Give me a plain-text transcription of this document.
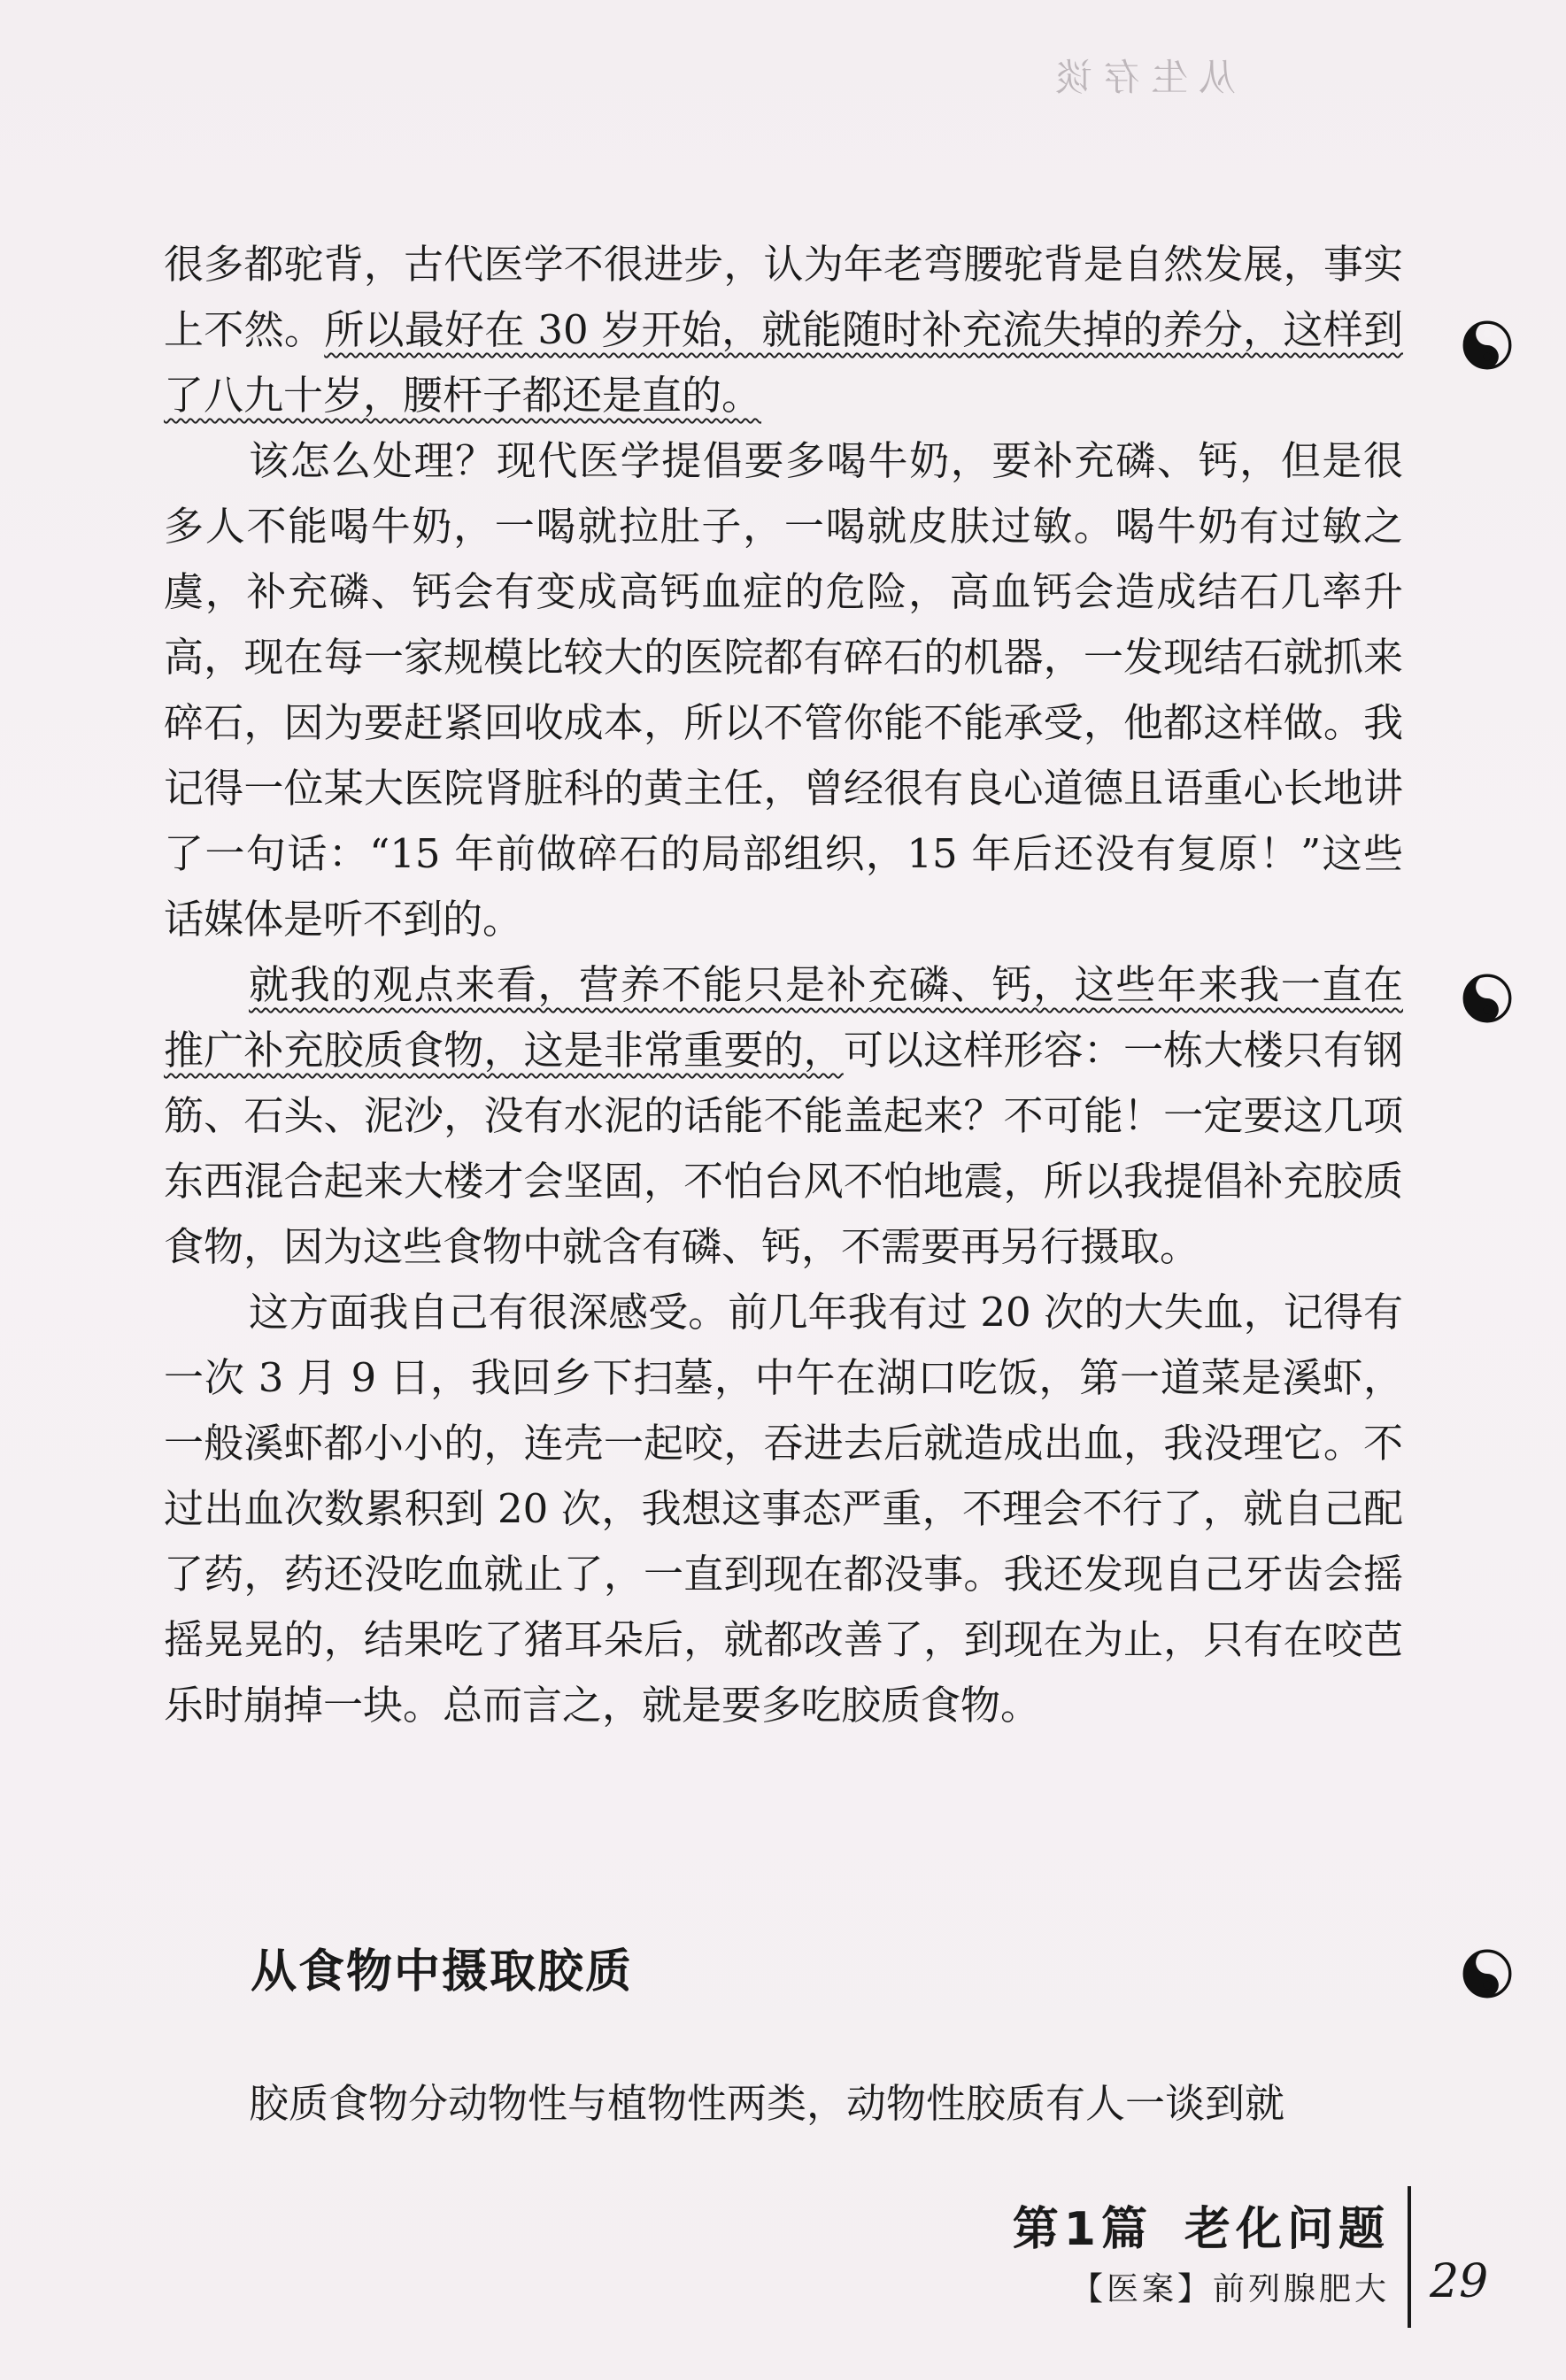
从生存谈

很多都驼背，古代医学不很进步，认为年老弯腰驼背是自然发展，事实上不然。所以最好在 30 岁开始，就能随时补充流失掉的养分，这样到了八九十岁，腰杆子都还是直的。

该怎么处理？现代医学提倡要多喝牛奶，要补充磷、钙，但是很多人不能喝牛奶，一喝就拉肚子，一喝就皮肤过敏。喝牛奶有过敏之虞，补充磷、钙会有变成高钙血症的危险，高血钙会造成结石几率升高，现在每一家规模比较大的医院都有碎石的机器，一发现结石就抓来碎石，因为要赶紧回收成本，所以不管你能不能承受，他都这样做。我记得一位某大医院肾脏科的黄主任，曾经很有良心道德且语重心长地讲了一句话：“15 年前做碎石的局部组织，15 年后还没有复原！”这些话媒体是听不到的。

就我的观点来看，营养不能只是补充磷、钙，这些年来我一直在推广补充胶质食物，这是非常重要的，可以这样形容：一栋大楼只有钢筋、石头、泥沙，没有水泥的话能不能盖起来？不可能！一定要这几项东西混合起来大楼才会坚固，不怕台风不怕地震，所以我提倡补充胶质食物，因为这些食物中就含有磷、钙，不需要再另行摄取。

这方面我自己有很深感受。前几年我有过 20 次的大失血，记得有一次 3 月 9 日，我回乡下扫墓，中午在湖口吃饭，第一道菜是溪虾，一般溪虾都小小的，连壳一起咬，吞进去后就造成出血，我没理它。不过出血次数累积到 20 次，我想这事态严重，不理会不行了，就自己配了药，药还没吃血就止了，一直到现在都没事。我还发现自己牙齿会摇摇晃晃的，结果吃了猪耳朵后，就都改善了，到现在为止，只有在咬芭乐时崩掉一块。总而言之，就是要多吃胶质食物。

从食物中摄取胶质

胶质食物分动物性与植物性两类，动物性胶质有人一谈到就

第1篇 老化问题
【医案】前列腺肥大 29
